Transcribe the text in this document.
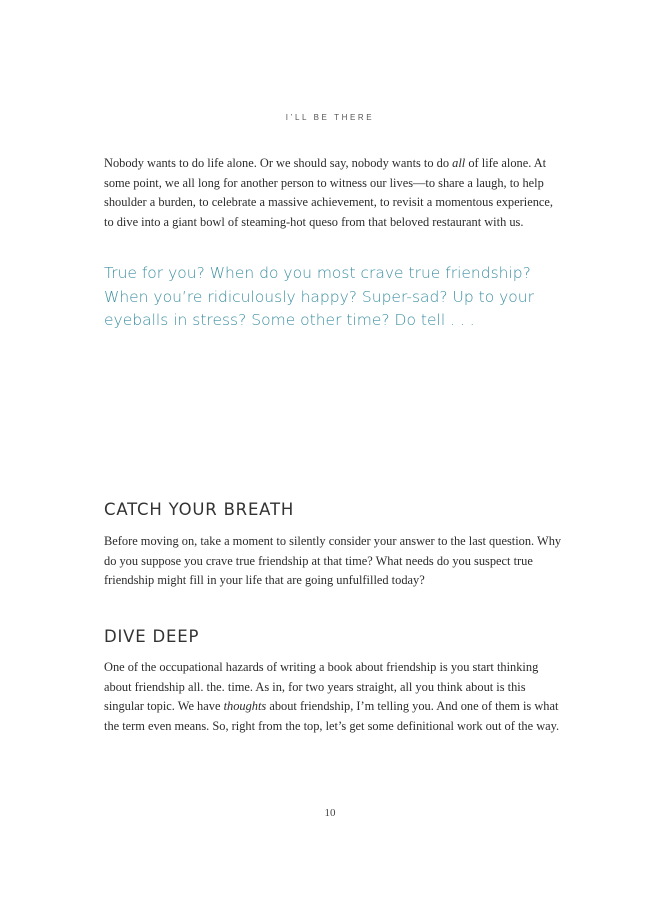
I’LL BE THERE

Nobody wants to do life alone. Or we should say, nobody wants to do all of life alone. At some point, we all long for another person to witness our lives—to share a laugh, to help shoulder a burden, to celebrate a massive achievement, to revisit a momentous experience, to dive into a giant bowl of steaming-hot queso from that beloved restaurant with us.

True for you? When do you most crave true friendship? When you’re ridiculously happy? Super-sad? Up to your eyeballs in stress? Some other time? Do tell . . .

CATCH YOUR BREATH

Before moving on, take a moment to silently consider your answer to the last question. Why do you suppose you crave true friendship at that time? What needs do you suspect true friendship might fill in your life that are going unfulfilled today?

DIVE DEEP

One of the occupational hazards of writing a book about friendship is you start thinking about friendship all. the. time. As in, for two years straight, all you think about is this singular topic. We have thoughts about friendship, I’m telling you. And one of them is what the term even means. So, right from the top, let’s get some definitional work out of the way.

10
